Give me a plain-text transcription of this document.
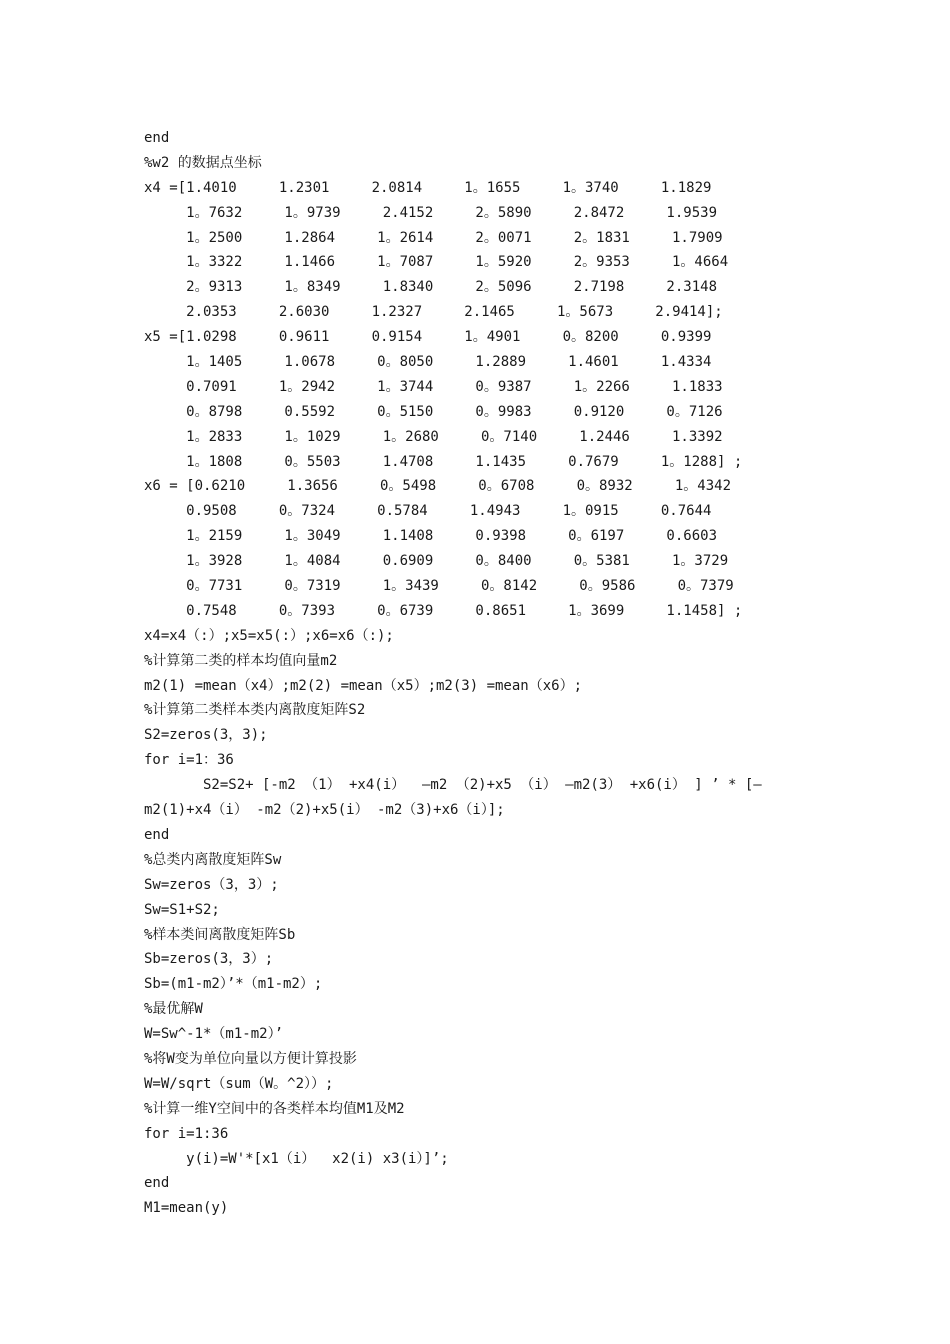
end
%w2 的数据点坐标
x4 =[1.4010     1.2301     2.0814     1。1655     1。3740     1.1829
1。7632     1。9739     2.4152     2。5890     2.8472     1.9539
1。2500     1.2864     1。2614     2。0071     2。1831     1.7909
1。3322     1.1466     1。7087     1。5920     2。9353     1。4664
2。9313     1。8349     1.8340     2。5096     2.7198     2.3148
2.0353     2.6030     1.2327     2.1465     1。5673     2.9414];
x5 =[1.0298     0.9611     0.9154     1。4901     0。8200     0.9399
1。1405     1.0678     0。8050     1.2889     1.4601     1.4334
0.7091     1。2942     1。3744     0。9387     1。2266     1.1833
0。8798     0.5592     0。5150     0。9983     0.9120     0。7126
1。2833     1。1029     1。2680     0。7140     1.2446     1.3392
1。1808     0。5503     1.4708     1.1435     0.7679     1。1288] ;
x6 = [0.6210     1.3656     0。5498     0。6708     0。8932     1。4342
0.9508     0。7324     0.5784     1.4943     1。0915     0.7644
1。2159     1。3049     1.1408     0.9398     0。6197     0.6603
1。3928     1。4084     0.6909     0。8400     0。5381     1。3729
0。7731     0。7319     1。3439     0。8142     0。9586     0。7379
0.7548     0。7393     0。6739     0.8651     1。3699     1.1458] ;
x4=x4（:）;x5=x5(:）;x6=x6（:);
%计算第二类的样本均值向量m2
m2(1) =mean（x4）;m2(2) =mean（x5）;m2(3) =mean（x6）;
%计算第二类样本类内离散度矩阵S2
S2=zeros(3，3);
for i=1：36
S2=S2+ [-m2 （1） +x4(i）  —m2 （2)+x5 （i） —m2(3） +x6(i） ] ’ * [—
m2(1)+x4（i） -m2（2)+x5(i） -m2（3)+x6（i）];
end
%总类内离散度矩阵Sw
Sw=zeros（3，3）;
Sw=S1+S2;
%样本类间离散度矩阵Sb
Sb=zeros(3，3）;
Sb=(m1-m2）’*（m1-m2）;
%最优解W
W=Sw^-1*（m1-m2）’
%将W变为单位向量以方便计算投影
W=W/sqrt（sum（W。^2））;
%计算一维Y空间中的各类样本均值M1及M2
for i=1:36
y(i)=W'*[x1（i）  x2(i) x3(i）]’;
end
M1=mean(y)
